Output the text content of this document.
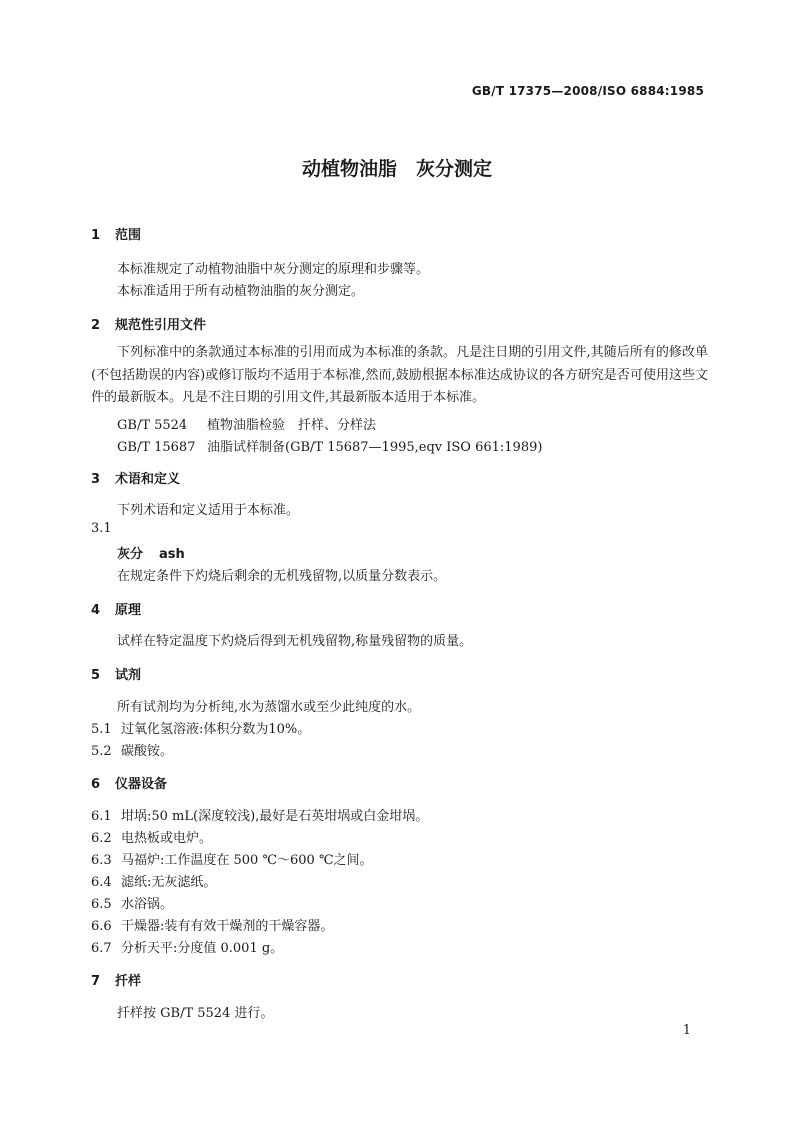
GB/T 17375—2008/ISO 6884:1985
动植物油脂　灰分测定
1 范围
本标准规定了动植物油脂中灰分测定的原理和步骤等。
本标准适用于所有动植物油脂的灰分测定。
2 规范性引用文件
下列标准中的条款通过本标准的引用而成为本标准的条款。凡是注日期的引用文件,其随后所有的修改单(不包括勘误的内容)或修订版均不适用于本标准,然而,鼓励根据本标准达成协议的各方研究是否可使用这些文件的最新版本。凡是不注日期的引用文件,其最新版本适用于本标准。
GB/T 5524 植物油脂检验　扦样、分样法
GB/T 15687 油脂试样制备(GB/T 15687—1995,eqv ISO 661:1989)
3 术语和定义
下列术语和定义适用于本标准。
3.1
灰分 ash
在规定条件下灼烧后剩余的无机残留物,以质量分数表示。
4 原理
试样在特定温度下灼烧后得到无机残留物,称量残留物的质量。
5 试剂
所有试剂均为分析纯,水为蒸馏水或至少此纯度的水。
5.1 过氧化氢溶液:体积分数为10%。
5.2 碳酸铵。
6 仪器设备
6.1 坩埚:50 mL(深度较浅),最好是石英坩埚或白金坩埚。
6.2 电热板或电炉。
6.3 马福炉:工作温度在 500 ℃～600 ℃之间。
6.4 滤纸:无灰滤纸。
6.5 水浴锅。
6.6 干燥器:装有有效干燥剂的干燥容器。
6.7 分析天平:分度值 0.001 g。
7 扦样
扦样按 GB/T 5524 进行。
1
